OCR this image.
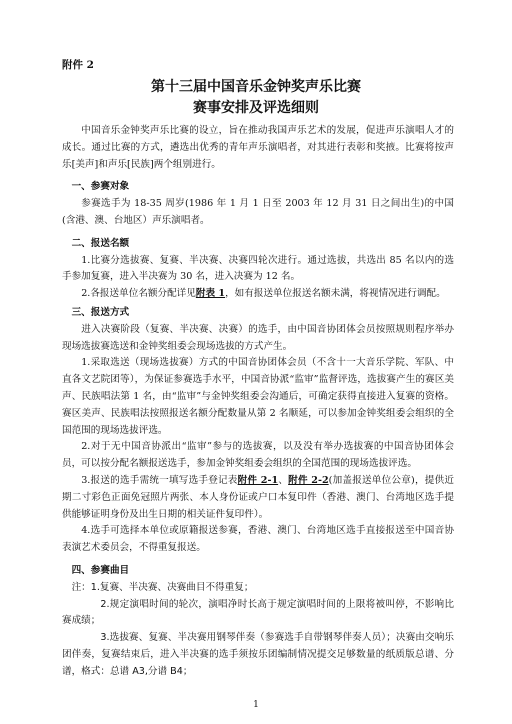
附件 2
第十三届中国音乐金钟奖声乐比赛
赛事安排及评选细则

中国音乐金钟奖声乐比赛的设立，旨在推动我国声乐艺术的发展，促进声乐演唱人才的成长。通过比赛的方式，遴选出优秀的青年声乐演唱者，对其进行表彰和奖掖。比赛将按声乐[美声]和声乐[民族]两个组别进行。

一、参赛对象

参赛选手为 18-35 周岁(1986 年 1 月 1 日至 2003 年 12 月 31 日之间出生)的中国(含港、澳、台地区）声乐演唱者。

二、报送名额

1.比赛分选拔赛、复赛、半决赛、决赛四轮次进行。通过选拔，共选出 85 名以内的选手参加复赛，进入半决赛为 30 名，进入决赛为 12 名。

2.各报送单位名额分配详见附表 1，如有报送单位报送名额未满，将视情况进行调配。

三、报送方式

进入决赛阶段（复赛、半决赛、决赛）的选手，由中国音协团体会员按照规则程序举办现场选拔赛选送和金钟奖组委会现场选拔的方式产生。

1.采取选送（现场选拔赛）方式的中国音协团体会员（不含十一大音乐学院、军队、中直各文艺院团等），为保证参赛选手水平，中国音协派“监审”监督评选，选拔赛产生的赛区美声、民族唱法第 1 名，由“监审”与金钟奖组委会沟通后，可确定获得直接进入复赛的资格。赛区美声、民族唱法按照报送名额分配数量从第 2 名顺延，可以参加金钟奖组委会组织的全国范围的现场选拔评选。

2.对于无中国音协派出“监审”参与的选拔赛，以及没有举办选拔赛的中国音协团体会员，可以按分配名额报送选手，参加金钟奖组委会组织的全国范围的现场选拔评选。

3.报送的选手需统一填写选手登记表附件 2-1、附件 2-2(加盖报送单位公章)，提供近期二寸彩色正面免冠照片两张、本人身份证或户口本复印件（香港、澳门、台湾地区选手提供能够证明身份及出生日期的相关证件复印件）。

4.选手可选择本单位或原籍报送参赛，香港、澳门、台湾地区选手直接报送至中国音协表演艺术委员会，不得重复报送。

四、参赛曲目

注：1.复赛、半决赛、决赛曲目不得重复；

2.规定演唱时间的轮次，演唱净时长高于规定演唱时间的上限将被叫停，不影响比赛成绩；

3.选拔赛、复赛、半决赛用钢琴伴奏（参赛选手自带钢琴伴奏人员）；决赛由交响乐团伴奏，复赛结束后，进入半决赛的选手须按乐团编制情况提交足够数量的纸质版总谱、分谱，格式：总谱 A3,分谱 B4；

1
